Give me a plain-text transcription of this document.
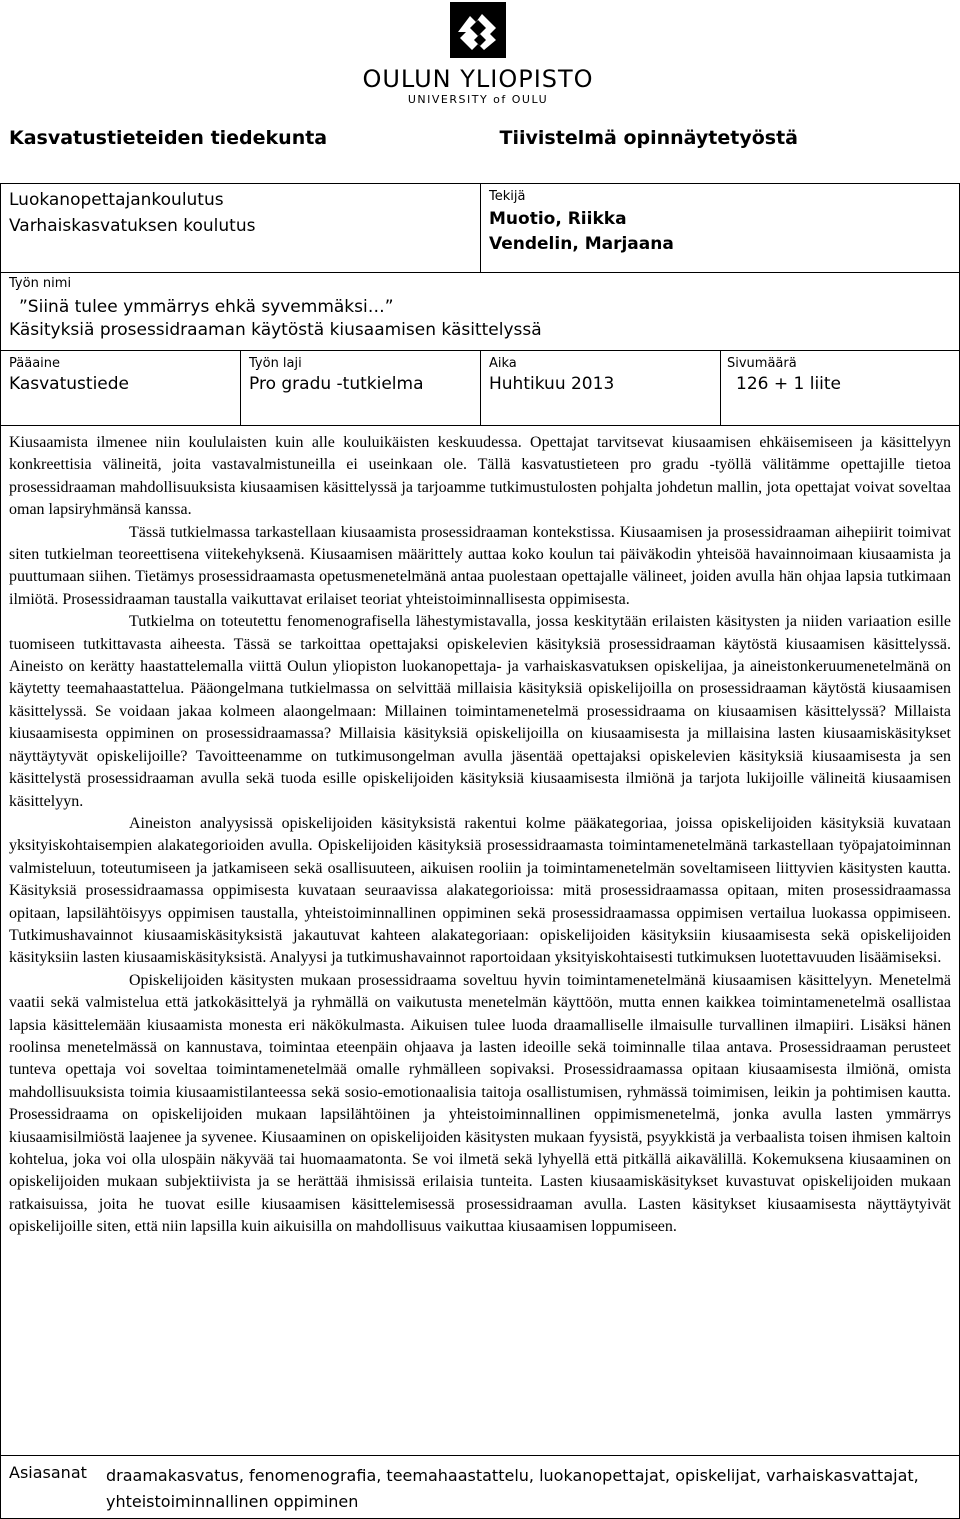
OULUN YLIOPISTO
UNIVERSITY of OULU
Kasvatustieteiden tiedekunta	Tiivistelmä opinnäytetyöstä
Luokanopettajankoulutus
Varhaiskasvatuksen koulutus
Tekijä
Muotio, Riikka
Vendelin, Marjaana
Työn nimi
”Siinä tulee ymmärrys ehkä syvemmäksi…”
Käsityksiä prosessidraaman käytöstä kiusaamisen käsittelyssä
Pääaine
Kasvatustiede
Työn laji
Pro gradu -tutkielma
Aika
Huhtikuu 2013
Sivumäärä
126 + 1 liite

Kiusaamista ilmenee niin koululaisten kuin alle kouluikäisten keskuudessa. Opettajat tarvitsevat kiusaamisen ehkäisemiseen ja käsittelyyn konkreettisia välineitä, joita vastavalmistuneilla ei useinkaan ole. Tällä kasvatustieteen pro gradu -työllä välitämme opettajille tietoa prosessidraaman mahdollisuuksista kiusaamisen käsittelyssä ja tarjoamme tutkimustulosten pohjalta johdetun mallin, jota opettajat voivat soveltaa oman lapsiryhmänsä kanssa.

Tässä tutkielmassa tarkastellaan kiusaamista prosessidraaman kontekstissa. Kiusaamisen ja prosessidraaman aihepiirit toimivat siten tutkielman teoreettisena viitekehyksenä. Kiusaamisen määrittely auttaa koko koulun tai päiväkodin yhteisöä havainnoimaan kiusaamista ja puuttumaan siihen. Tietämys prosessidraamasta opetusmenetelmänä antaa puolestaan opettajalle välineet, joiden avulla hän ohjaa lapsia tutkimaan ilmiötä. Prosessidraaman taustalla vaikuttavat erilaiset teoriat yhteistoiminnallisesta oppimisesta.

Tutkielma on toteutettu fenomenografisella lähestymistavalla, jossa keskitytään erilaisten käsitysten ja niiden variaation esille tuomiseen tutkittavasta aiheesta. Tässä se tarkoittaa opettajaksi opiskelevien käsityksiä prosessidraaman käytöstä kiusaamisen käsittelyssä. Aineisto on kerätty haastattelemalla viittä Oulun yliopiston luokanopettaja- ja varhaiskasvatuksen opiskelijaa, ja aineistonkeruumenetelmänä on käytetty teemahaastattelua. Pääongelmana tutkielmassa on selvittää millaisia käsityksiä opiskelijoilla on prosessidraaman käytöstä kiusaamisen käsittelyssä. Se voidaan jakaa kolmeen alaongelmaan: Millainen toimintamenetelmä prosessidraama on kiusaamisen käsittelyssä? Millaista kiusaamisesta oppiminen on prosessidraamassa? Millaisia käsityksiä opiskelijoilla on kiusaamisesta ja millaisina lasten kiusaamiskäsitykset näyttäytyvät opiskelijoille? Tavoitteenamme on tutkimusongelman avulla jäsentää opettajaksi opiskelevien käsityksiä kiusaamisesta ja sen käsittelystä prosessidraaman avulla sekä tuoda esille opiskelijoiden käsityksiä kiusaamisesta ilmiönä ja tarjota lukijoille välineitä kiusaamisen käsittelyyn.

Aineiston analyysissä opiskelijoiden käsityksistä rakentui kolme pääkategoriaa, joissa opiskelijoiden käsityksiä kuvataan yksityiskohtaisempien alakategorioiden avulla. Opiskelijoiden käsityksiä prosessidraamasta toimintamenetelmänä tarkastellaan työpajatoiminnan valmisteluun, toteutumiseen ja jatkamiseen sekä osallisuuteen, aikuisen rooliin ja toimintamenetelmän soveltamiseen liittyvien käsitysten kautta. Käsityksiä prosessidraamassa oppimisesta kuvataan seuraavissa alakategorioissa: mitä prosessidraamassa opitaan, miten prosessidraamassa opitaan, lapsilähtöisyys oppimisen taustalla, yhteistoiminnallinen oppiminen sekä prosessidraamassa oppimisen vertailua luokassa oppimiseen. Tutkimushavainnot kiusaamiskäsityksistä jakautuvat kahteen alakategoriaan: opiskelijoiden käsityksiin kiusaamisesta sekä opiskelijoiden käsityksiin lasten kiusaamiskäsityksistä. Analyysi ja tutkimushavainnot raportoidaan yksityiskohtaisesti tutkimuksen luotettavuuden lisäämiseksi.

Opiskelijoiden käsitysten mukaan prosessidraama soveltuu hyvin toimintamenetelmänä kiusaamisen käsittelyyn. Menetelmä vaatii sekä valmistelua että jatkokäsittelyä ja ryhmällä on vaikutusta menetelmän käyttöön, mutta ennen kaikkea toimintamenetelmä osallistaa lapsia käsittelemään kiusaamista monesta eri näkökulmasta. Aikuisen tulee luoda draamalliselle ilmaisulle turvallinen ilmapiiri. Lisäksi hänen roolinsa menetelmässä on kannustava, toimintaa eteenpäin ohjaava ja lasten ideoille sekä toiminnalle tilaa antava. Prosessidraaman perusteet tunteva opettaja voi soveltaa toimintamenetelmää omalle ryhmälleen sopivaksi. Prosessidraamassa opitaan kiusaamisesta ilmiönä, omista mahdollisuuksista toimia kiusaamistilanteessa sekä sosio-emotionaalisia taitoja osallistumisen, ryhmässä toimimisen, leikin ja pohtimisen kautta. Prosessidraama on opiskelijoiden mukaan lapsilähtöinen ja yhteistoiminnallinen oppimismenetelmä, jonka avulla lasten ymmärrys kiusaamisilmiöstä laajenee ja syvenee. Kiusaaminen on opiskelijoiden käsitysten mukaan fyysistä, psyykkistä ja verbaalista toisen ihmisen kaltoin kohtelua, joka voi olla ulospäin näkyvää tai huomaamatonta. Se voi ilmetä sekä lyhyellä että pitkällä aikavälillä. Kokemuksena kiusaaminen on opiskelijoiden mukaan subjektiivista ja se herättää ihmisissä erilaisia tunteita. Lasten kiusaamiskäsitykset kuvastuvat opiskelijoiden mukaan ratkaisuissa, joita he tuovat esille kiusaamisen käsittelemisessä prosessidraaman avulla. Lasten käsitykset kiusaamisesta näyttäytyivät opiskelijoille siten, että niin lapsilla kuin aikuisilla on mahdollisuus vaikuttaa kiusaamisen loppumiseen.

Asiasanat draamakasvatus, fenomenografia, teemahaastattelu, luokanopettajat, opiskelijat, varhaiskasvattajat, yhteistoiminnallinen oppiminen
